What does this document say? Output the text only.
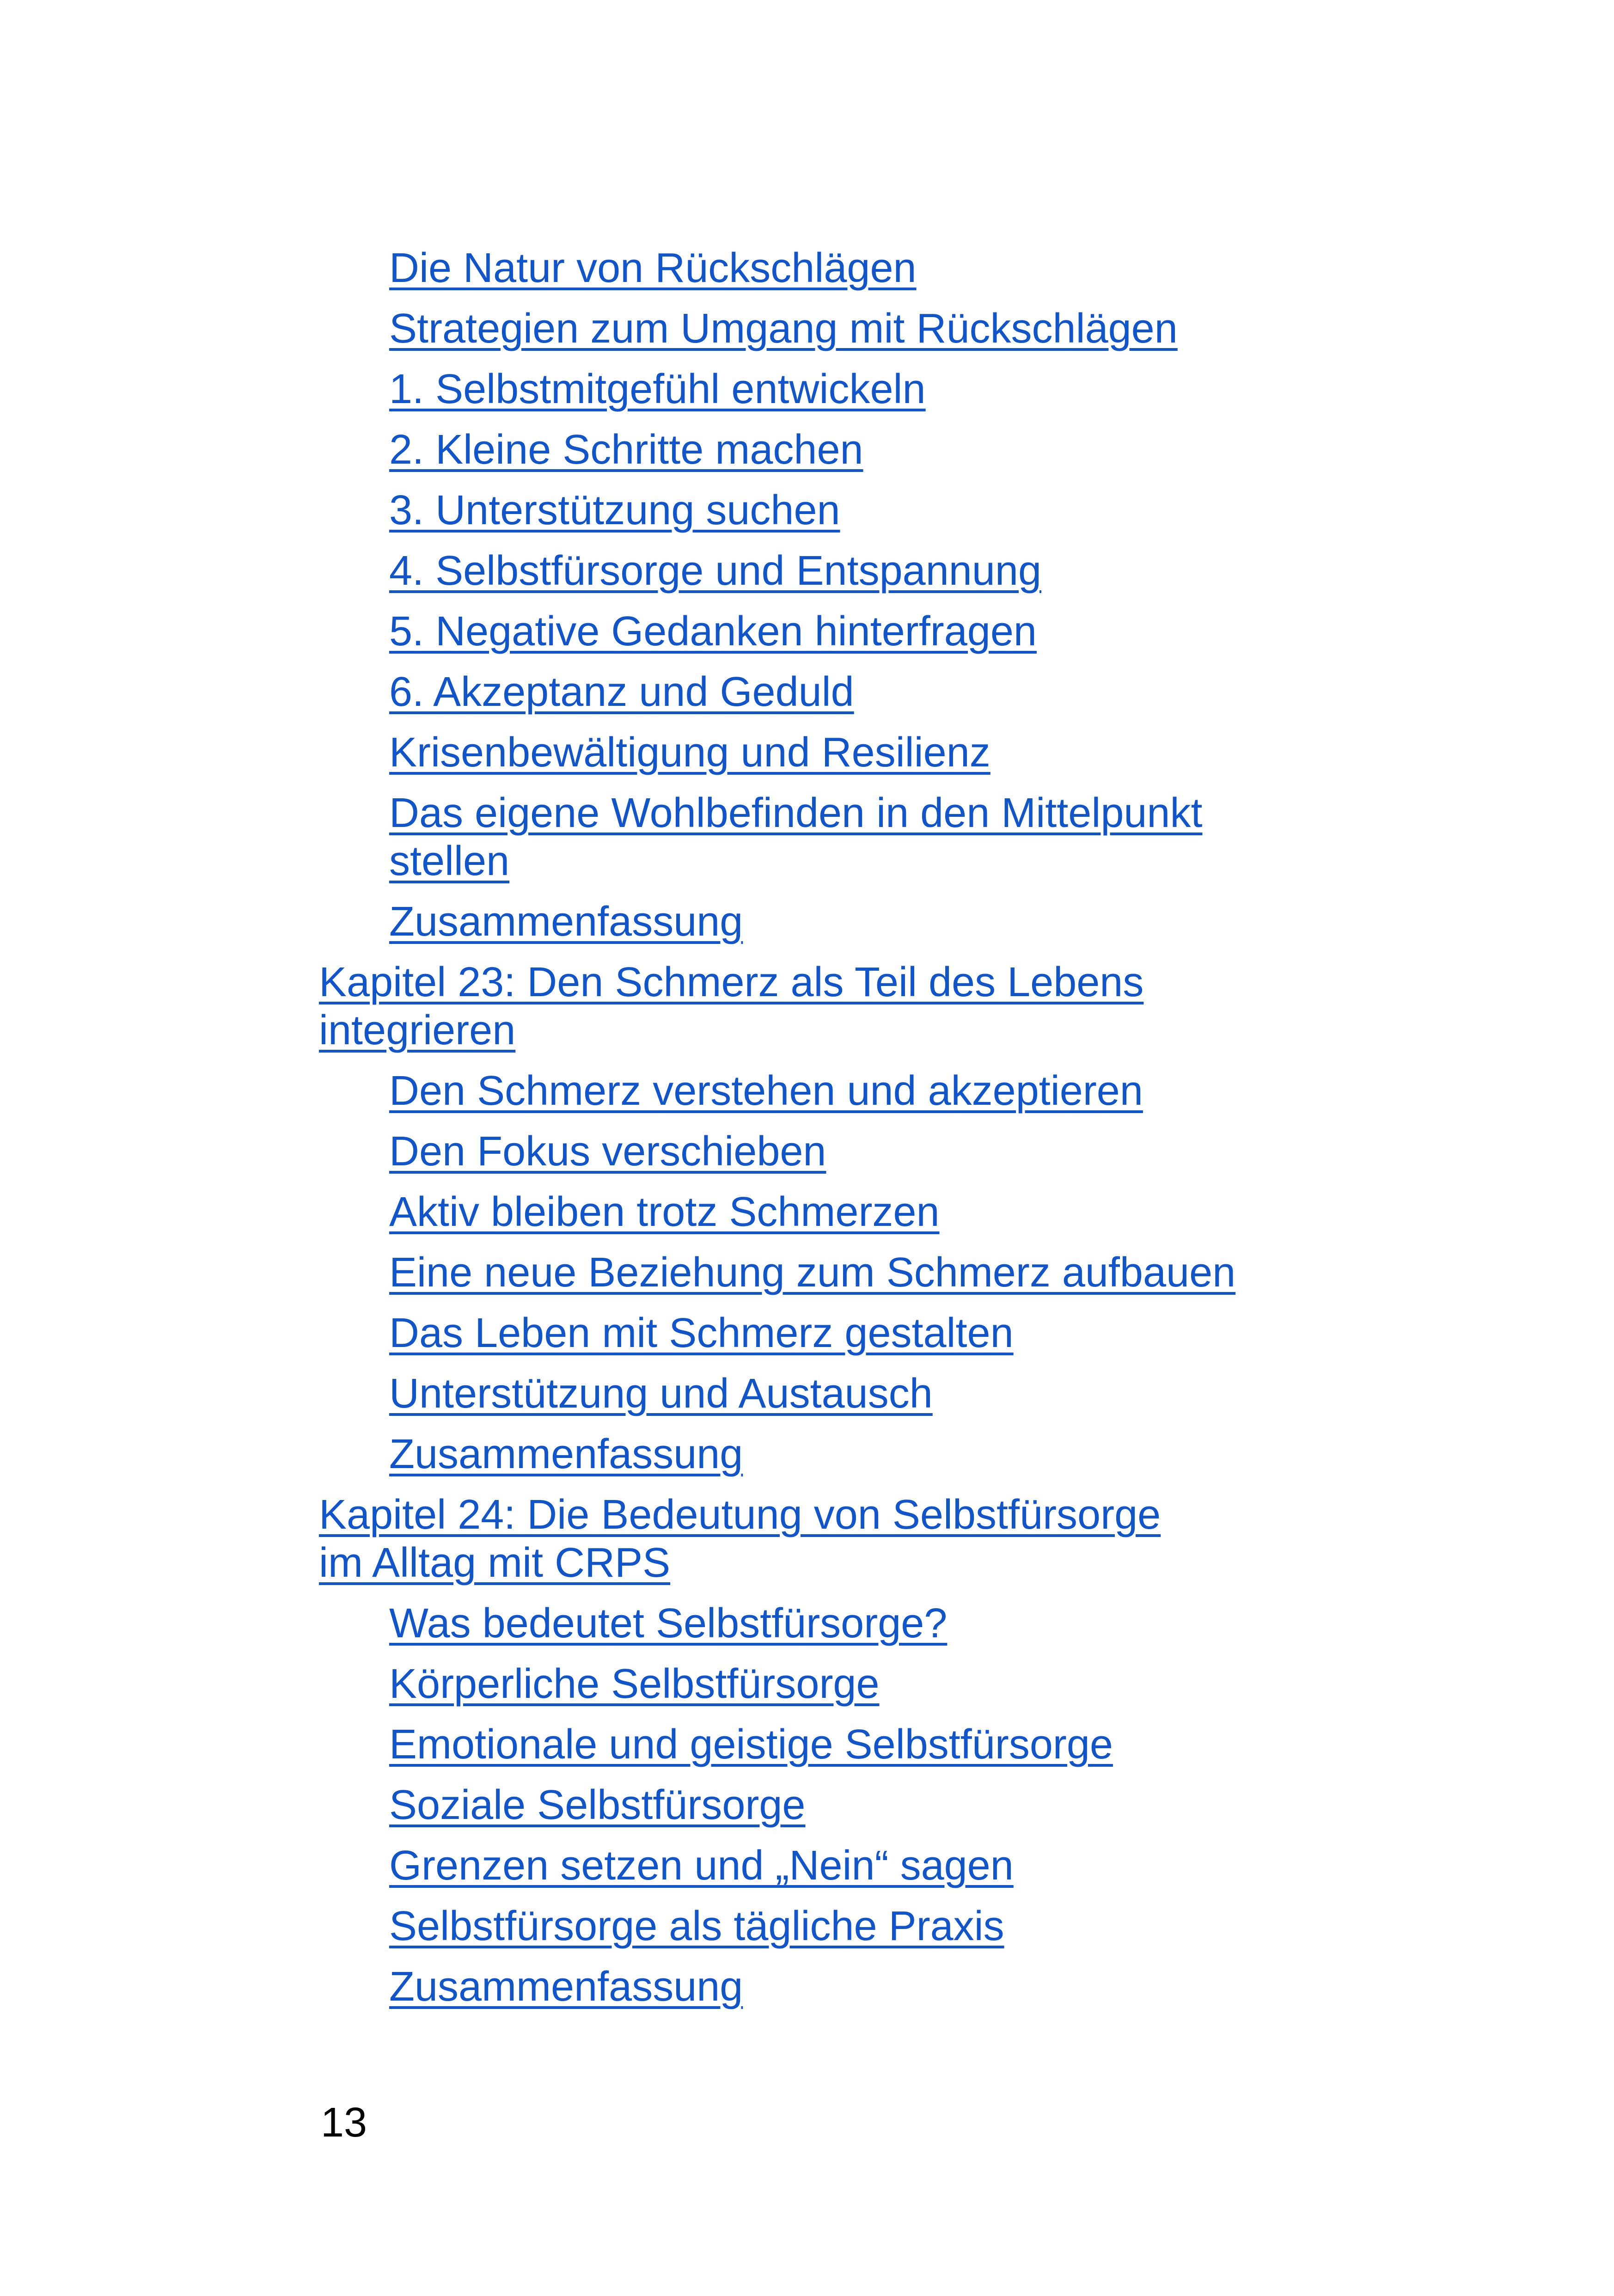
Die Natur von Rückschlägen
Strategien zum Umgang mit Rückschlägen
1. Selbstmitgefühl entwickeln
2. Kleine Schritte machen
3. Unterstützung suchen
4. Selbstfürsorge und Entspannung
5. Negative Gedanken hinterfragen
6. Akzeptanz und Geduld
Krisenbewältigung und Resilienz
Das eigene Wohlbefinden in den Mittelpunkt stellen
Zusammenfassung
Kapitel 23: Den Schmerz als Teil des Lebens integrieren
Den Schmerz verstehen und akzeptieren
Den Fokus verschieben
Aktiv bleiben trotz Schmerzen
Eine neue Beziehung zum Schmerz aufbauen
Das Leben mit Schmerz gestalten
Unterstützung und Austausch
Zusammenfassung
Kapitel 24: Die Bedeutung von Selbstfürsorge im Alltag mit CRPS
Was bedeutet Selbstfürsorge?
Körperliche Selbstfürsorge
Emotionale und geistige Selbstfürsorge
Soziale Selbstfürsorge
Grenzen setzen und „Nein“ sagen
Selbstfürsorge als tägliche Praxis
Zusammenfassung
13
